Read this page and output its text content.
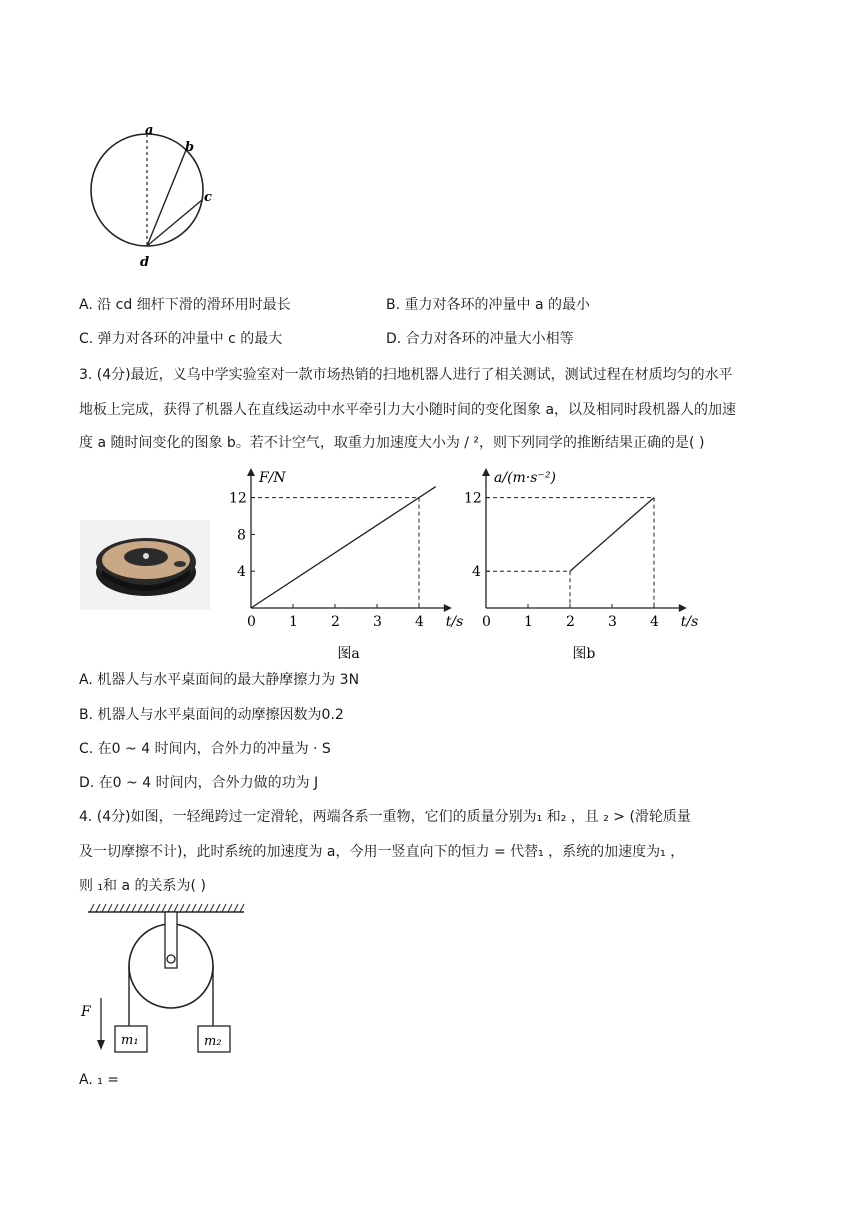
a
b
c
d
A. 沿 cd 细杆下滑的滑环用时最长	B. 重力对各环的冲量中 a 的最小
C. 弹力对各环的冲量中 c 的最大	D. 合力对各环的冲量大小相等
3. (4分)最近，义乌中学实验室对一款市场热销的扫地机器人进行了相关测试，测试过程在材质均匀的水平
地板上完成，获得了机器人在直线运动中水平牵引力大小随时间的变化图象 a，以及相同时段机器人的加速
度 a 随时间变化的图象 b。若不计空气，取重力加速度大小为 / ²，则下列同学的推断结果正确的是( )
0 1 2 3 4
4
8
12
t/s
F/N
图a
0 1 2 3 4
4
12
t/s
a/(m·s⁻²)
图b
A. 机器人与水平桌面间的最大静摩擦力为 3N
B. 机器人与水平桌面间的动摩擦因数为0.2
C. 在0 ~ 4 时间内，合外力的冲量为 · S
D. 在0 ~ 4 时间内，合外力做的功为 J
4. (4分)如图，一轻绳跨过一定滑轮，两端各系一重物，它们的质量分别为₁ 和₂ ，且 ₂ > (滑轮质量
及一切摩擦不计)，此时系统的加速度为 a，今用一竖直向下的恒力 = 代替₁ ，系统的加速度为₁ ，
则 ₁和 a 的关系为( )
m₁	m₂
F
A. ₁ =
